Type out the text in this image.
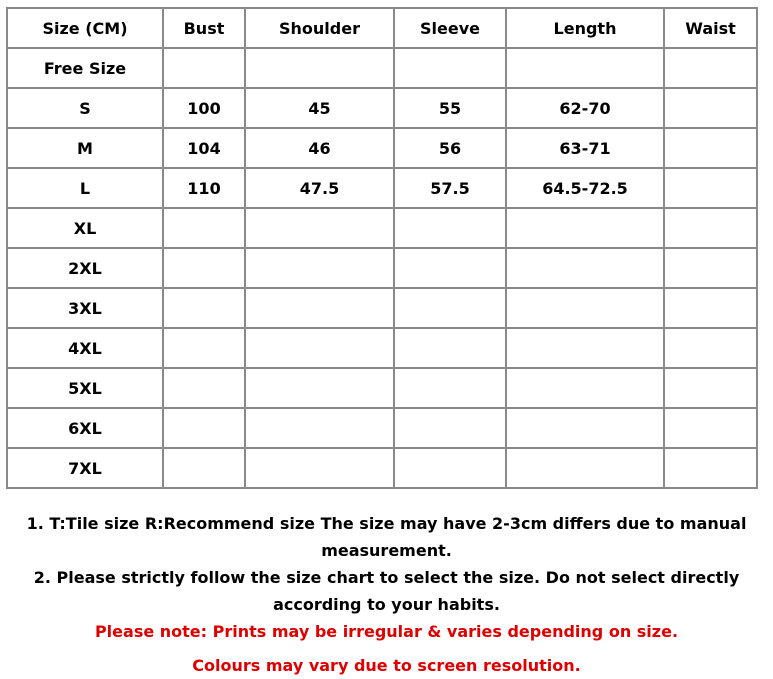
Size (CM)	Bust	Shoulder	Sleeve	Length	Waist
Free Size					
S	100	45	55	62-70	
M	104	46	56	63-71	
L	110	47.5	57.5	64.5-72.5	
XL					
2XL					
3XL					
4XL					
5XL					
6XL					
7XL					

1. T:Tile size R:Recommend size The size may have 2-3cm differs due to manual measurement.

2. Please strictly follow the size chart to select the size. Do not select directly according to your habits.

Please note: Prints may be irregular & varies depending on size.

Colours may vary due to screen resolution.
